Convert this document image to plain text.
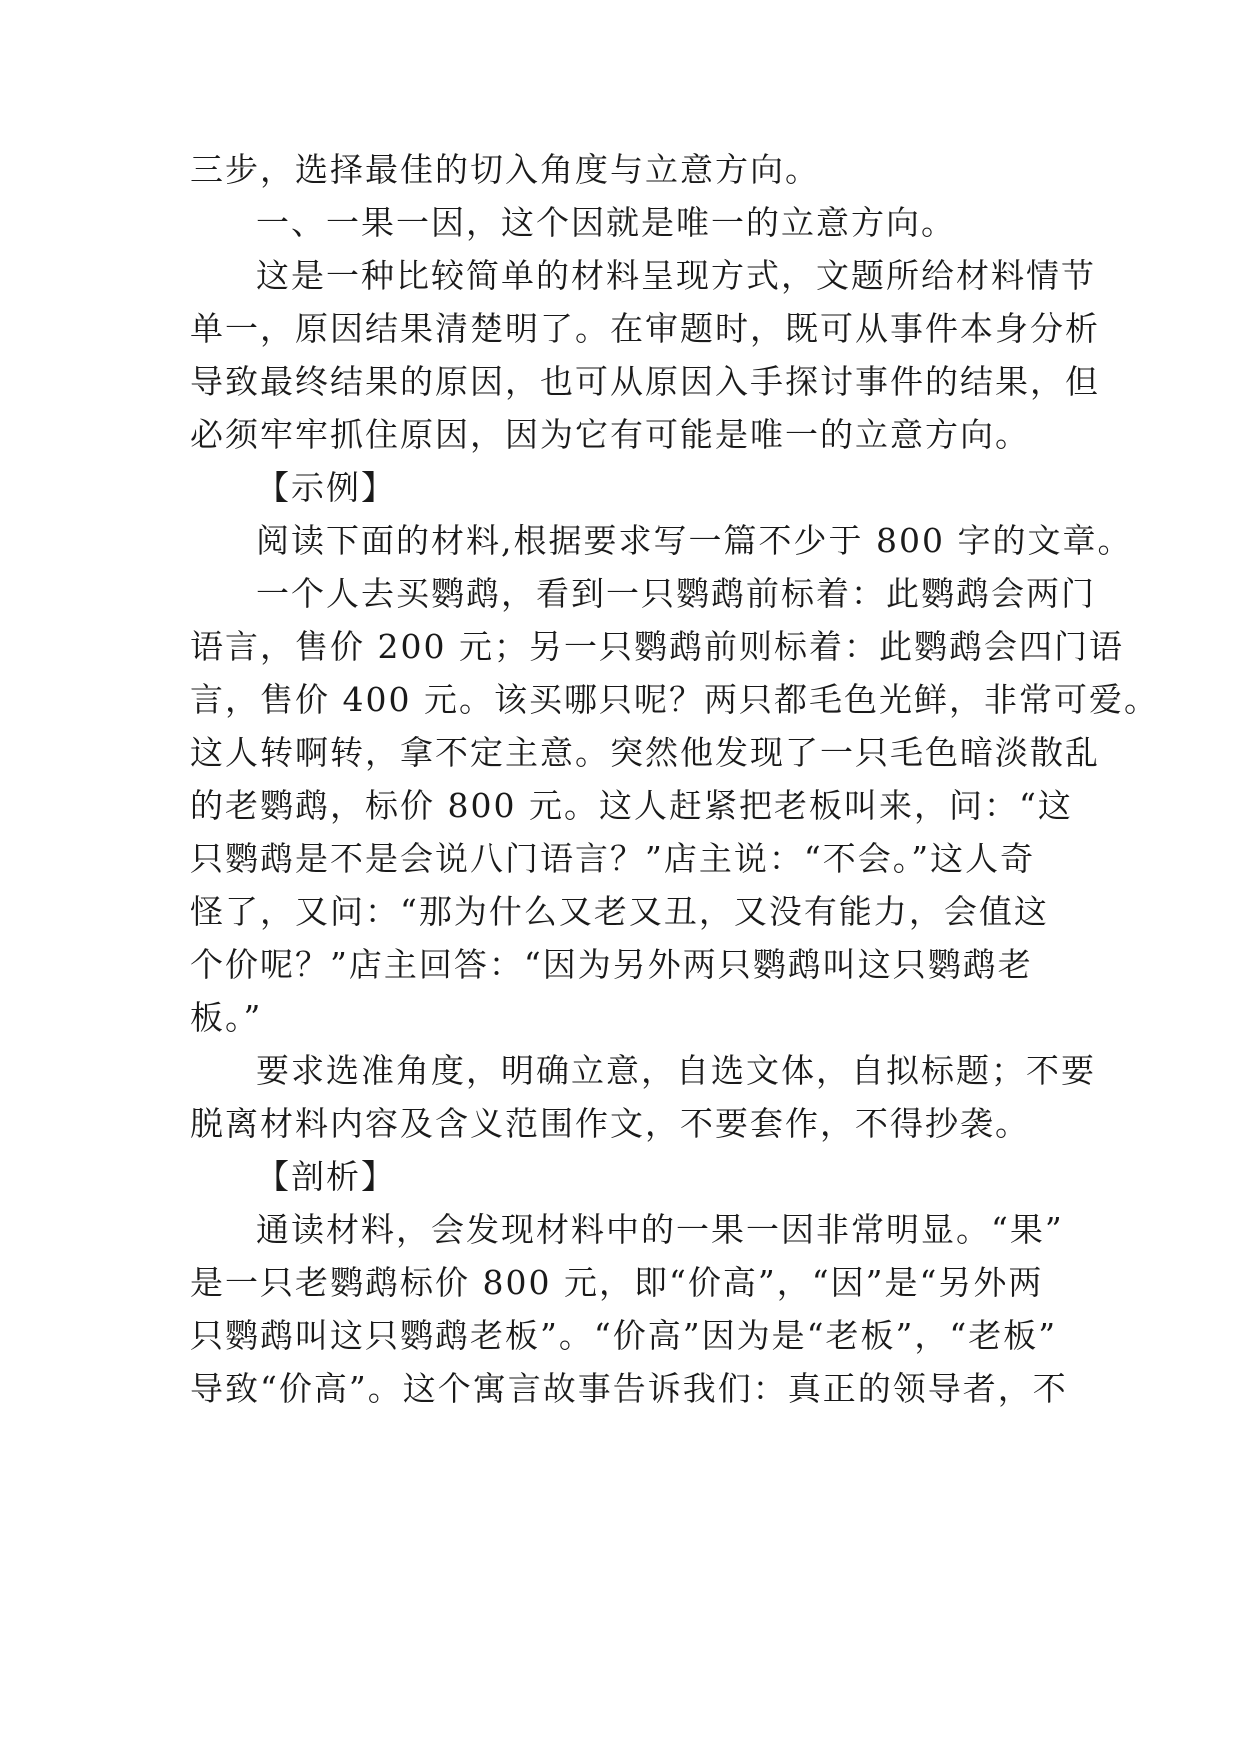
三步，选择最佳的切入角度与立意方向。
一、一果一因，这个因就是唯一的立意方向。
这是一种比较简单的材料呈现方式，文题所给材料情节
单一，原因结果清楚明了。在审题时，既可从事件本身分析
导致最终结果的原因，也可从原因入手探讨事件的结果，但
必须牢牢抓住原因，因为它有可能是唯一的立意方向。
【示例】
阅读下面的材料,根据要求写一篇不少于 800 字的文章。
一个人去买鹦鹉，看到一只鹦鹉前标着：此鹦鹉会两门
语言，售价 200 元；另一只鹦鹉前则标着：此鹦鹉会四门语
言，售价 400 元。该买哪只呢？两只都毛色光鲜，非常可爱。
这人转啊转，拿不定主意。突然他发现了一只毛色暗淡散乱
的老鹦鹉，标价 800 元。这人赶紧把老板叫来，问：“这
只鹦鹉是不是会说八门语言？”店主说：“不会。”这人奇
怪了，又问：“那为什么又老又丑，又没有能力，会值这
个价呢？”店主回答：“因为另外两只鹦鹉叫这只鹦鹉老
板。”
要求选准角度，明确立意，自选文体，自拟标题；不要
脱离材料内容及含义范围作文，不要套作，不得抄袭。
【剖析】
通读材料，会发现材料中的一果一因非常明显。“果”
是一只老鹦鹉标价 800 元，即“价高”，“因”是“另外两
只鹦鹉叫这只鹦鹉老板”。“价高”因为是“老板”，“老板”
导致“价高”。这个寓言故事告诉我们：真正的领导者，不
